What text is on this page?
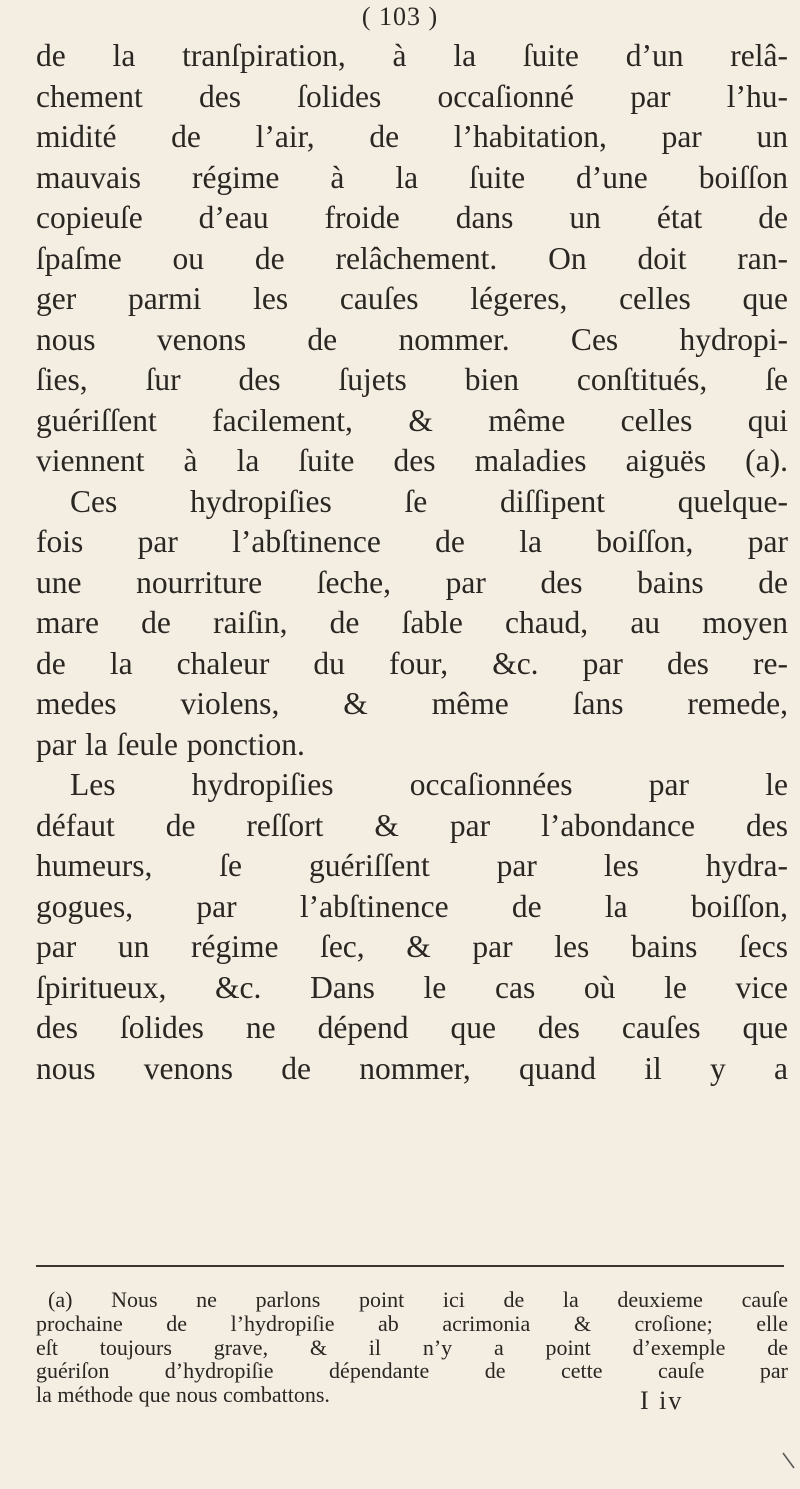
( 103 )
de la tranſpiration, à la ſuite d’un relâ-
chement des ſolides occaſionné par l’hu-
midité de l’air, de l’habitation, par un
mauvais régime à la ſuite d’une boiſſon
copieuſe d’eau froide dans un état de
ſpaſme ou de relâchement. On doit ran-
ger parmi les cauſes légeres, celles que
nous venons de nommer. Ces hydropi-
ſies, ſur des ſujets bien conſtitués, ſe
guériſſent facilement, & même celles qui
viennent à la ſuite des maladies aiguës (a).
Ces hydropiſies ſe diſſipent quelque-
fois par l’abſtinence de la boiſſon, par
une nourriture ſeche, par des bains de
mare de raiſin, de ſable chaud, au moyen
de la chaleur du four, &c. par des re-
medes violens, & même ſans remede,
par la ſeule ponction.
Les hydropiſies occaſionnées par le
défaut de reſſort & par l’abondance des
humeurs, ſe guériſſent par les hydra-
gogues, par l’abſtinence de la boiſſon,
par un régime ſec, & par les bains ſecs
ſpiritueux, &c. Dans le cas où le vice
des ſolides ne dépend que des cauſes que
nous venons de nommer, quand il y a
(a) Nous ne parlons point ici de la deuxieme cauſe
prochaine de l’hydropiſie ab acrimonia & croſione; elle
eſt toujours grave, & il n’y a point d’exemple de
guériſon d’hydropiſie dépendante de cette cauſe par
la méthode que nous combattons.	I iv
